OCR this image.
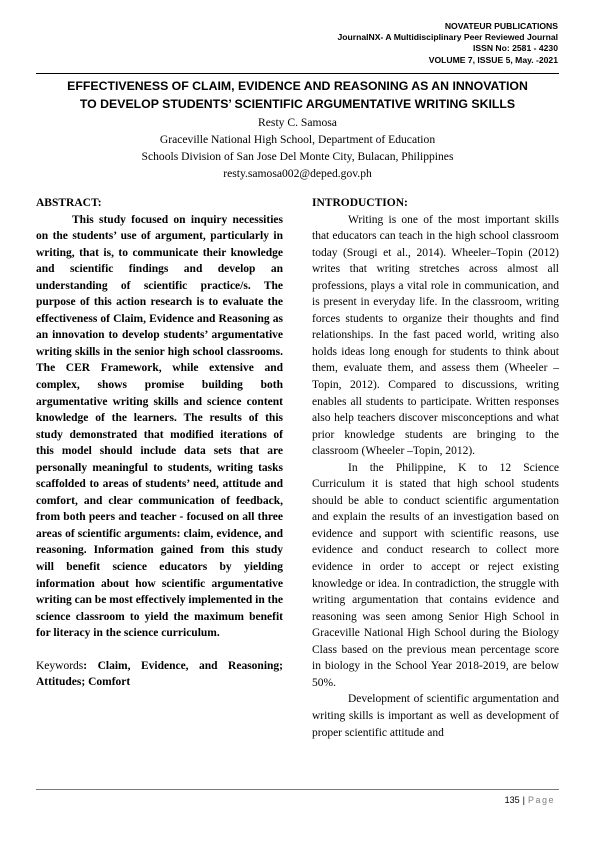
NOVATEUR PUBLICATIONS
JournalNX- A Multidisciplinary Peer Reviewed Journal
ISSN No: 2581 - 4230
VOLUME 7, ISSUE 5, May. -2021
EFFECTIVENESS OF CLAIM, EVIDENCE AND REASONING AS AN INNOVATION
TO DEVELOP STUDENTS’ SCIENTIFIC ARGUMENTATIVE WRITING SKILLS
Resty C. Samosa
Graceville National High School, Department of Education
Schools Division of San Jose Del Monte City, Bulacan, Philippines
resty.samosa002@deped.gov.ph
ABSTRACT:

This study focused on inquiry necessities on the students’ use of argument, particularly in writing, that is, to communicate their knowledge and scientific findings and develop an understanding of scientific practice/s. The purpose of this action research is to evaluate the effectiveness of Claim, Evidence and Reasoning as an innovation to develop students’ argumentative writing skills in the senior high school classrooms. The CER Framework, while extensive and complex, shows promise building both argumentative writing skills and science content knowledge of the learners. The results of this study demonstrated that modified iterations of this model should include data sets that are personally meaningful to students, writing tasks scaffolded to areas of students’ need, attitude and comfort, and clear communication of feedback, from both peers and teacher - focused on all three areas of scientific arguments: claim, evidence, and reasoning. Information gained from this study will benefit science educators by yielding information about how scientific argumentative writing can be most effectively implemented in the science classroom to yield the maximum benefit for literacy in the science curriculum.

Keywords: Claim, Evidence, and Reasoning; Attitudes; Comfort

INTRODUCTION:

Writing is one of the most important skills that educators can teach in the high school classroom today (Srougi et al., 2014). Wheeler–Topin (2012) writes that writing stretches across almost all professions, plays a vital role in communication, and is present in everyday life. In the classroom, writing forces students to organize their thoughts and find relationships. In the fast paced world, writing also holds ideas long enough for students to think about them, evaluate them, and assess them (Wheeler –Topin, 2012). Compared to discussions, writing enables all students to participate. Written responses also help teachers discover misconceptions and what prior knowledge students are bringing to the classroom (Wheeler –Topin, 2012).

In the Philippine, K to 12 Science Curriculum it is stated that high school students should be able to conduct scientific argumentation and explain the results of an investigation based on evidence and support with scientific reasons, use evidence and conduct research to collect more evidence in order to accept or reject existing knowledge or idea. In contradiction, the struggle with writing argumentation that contains evidence and reasoning was seen among Senior High School in Graceville National High School during the Biology Class based on the previous mean percentage score in biology in the School Year 2018-2019, are below 50%.

Development of scientific argumentation and writing skills is important as well as development of proper scientific attitude and

135 | Page
